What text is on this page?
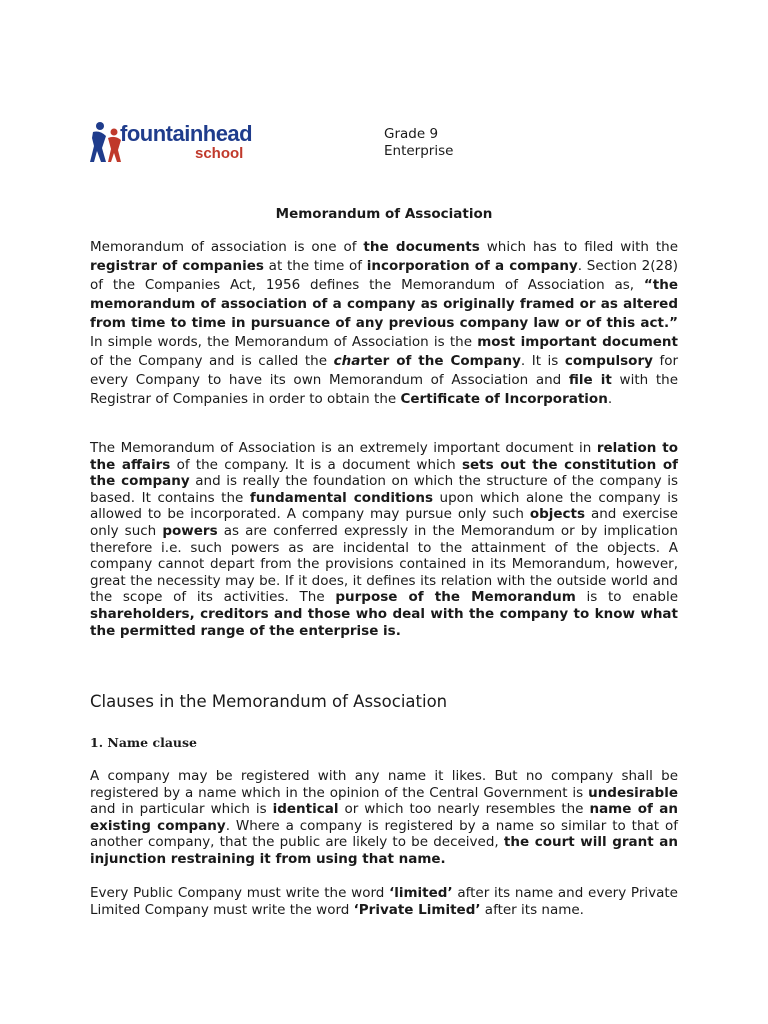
fountainhead
school
Grade 9
Enterprise
Memorandum of Association

Memorandum of association is one of the documents which has to filed with the registrar of companies at the time of incorporation of a company. Section 2(28) of the Companies Act, 1956 defines the Memorandum of Association as, “the memorandum of association of a company as originally framed or as altered from time to time in pursuance of any previous company law or of this act.” In simple words, the Memorandum of Association is the most important document of the Company and is called the charter of the Company. It is compulsory for every Company to have its own Memorandum of Association and file it with the Registrar of Companies in order to obtain the Certificate of Incorporation.

The Memorandum of Association is an extremely important document in relation to the affairs of the company. It is a document which sets out the constitution of the company and is really the foundation on which the structure of the company is based. It contains the fundamental conditions upon which alone the company is allowed to be incorporated. A company may pursue only such objects and exercise only such powers as are conferred expressly in the Memorandum or by implication therefore i.e. such powers as are incidental to the attainment of the objects. A company cannot depart from the provisions contained in its Memorandum, however, great the necessity may be. If it does, it defines its relation with the outside world and the scope of its activities. The purpose of the Memorandum is to enable shareholders, creditors and those who deal with the company to know what the permitted range of the enterprise is.

Clauses in the Memorandum of Association
1. Name clause

A company may be registered with any name it likes. But no company shall be registered by a name which in the opinion of the Central Government is undesirable and in particular which is identical or which too nearly resembles the name of an existing company. Where a company is registered by a name so similar to that of another company, that the public are likely to be deceived, the court will grant an injunction restraining it from using that name.

Every Public Company must write the word ‘limited’ after its name and every Private Limited Company must write the word ‘Private Limited’ after its name.
